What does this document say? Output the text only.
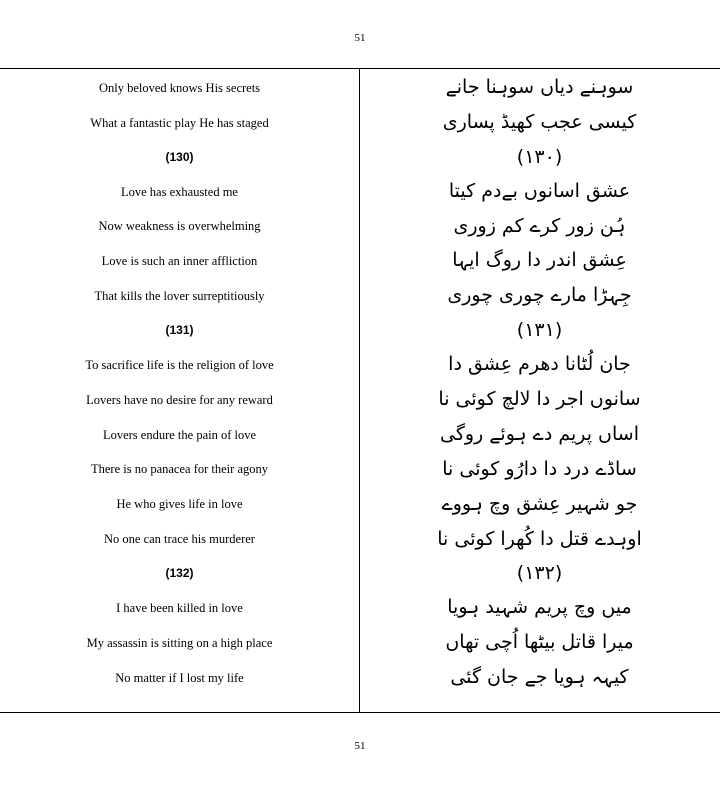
51
Only beloved knows His secrets
What a fantastic play He has staged
(130)
Love has exhausted me
Now weakness is overwhelming
Love is such an inner affliction
That kills the lover surreptitiously
(131)
To sacrifice life is the religion of love
Lovers have no desire for any reward
Lovers endure the pain of love
There is no panacea for their agony
He who gives life in love
No one can trace his murderer
(132)
I have been killed in love
My assassin is sitting on a high place
No matter if I lost my life
سوہنے دیاں سوہنا جانے
کیسی عجب کھیڈ پساری
(۱۳۰)
عشق اسانوں بےدم کیتا
ہُن زور کرے کم زوری
عِشق اندر دا روگ ایہا
جِہڑا مارے چوری چوری
(۱۳۱)
جان لُٹانا دھرم عِشق دا
سانوں اجر دا لالچ کوئی نا
اساں پریم دے ہوئے روگی
ساڈے درد دا دارُو کوئی نا
جو شہیر عِشق وچ ہووے
اوہدے قتل دا کُھرا کوئی نا
(۱۳۲)
میں وچ پریم شہید ہویا
میرا قاتل بیٹھا اُچی تھاں
کیہہ ہویا جے جان گئی
51
